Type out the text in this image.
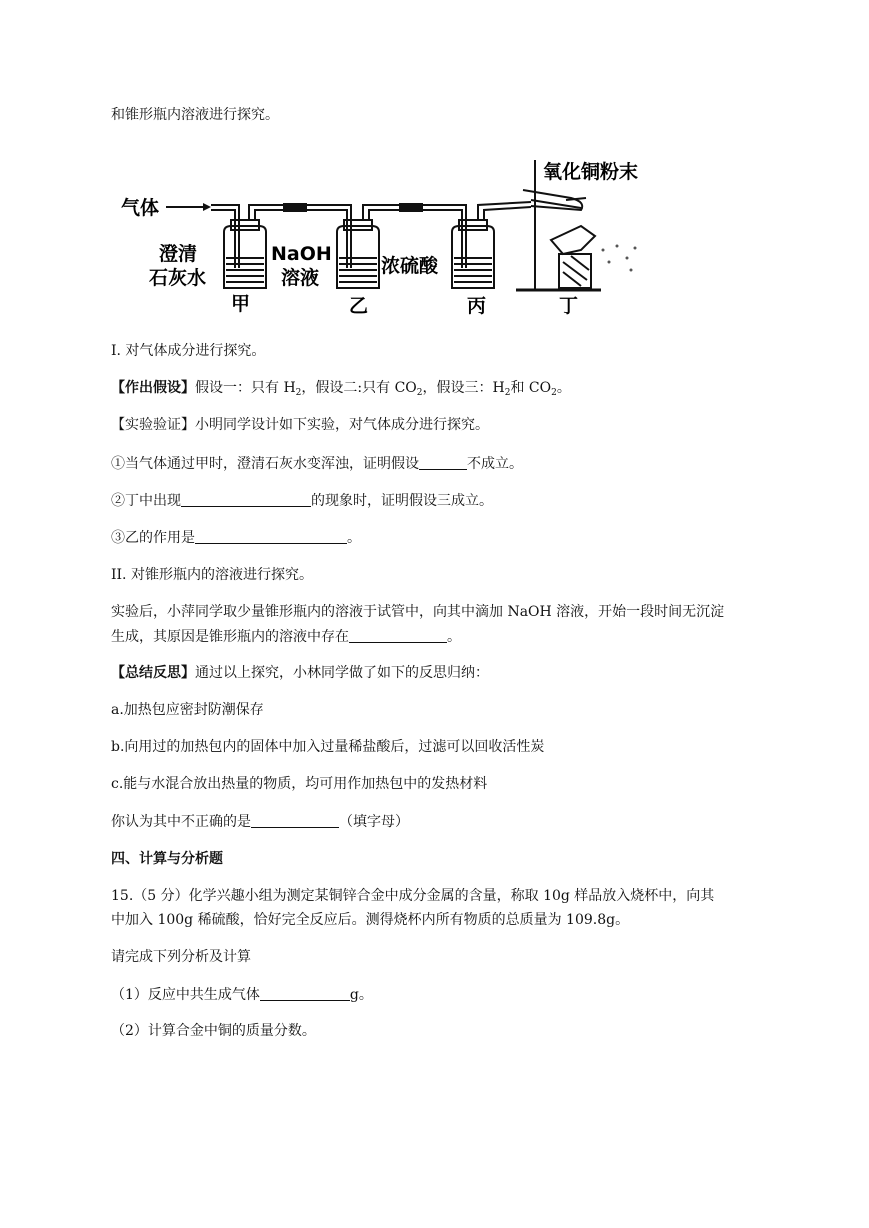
和锥形瓶内溶液进行探究。
气体
澄清
石灰水
甲
NaOH
溶液
乙
浓硫酸
丙
氧化铜粉末
丁
I. 对气体成分进行探究。
【作出假设】假设一：只有 $H_2$，假设二:只有 $CO_2$，假设三：$H_2$和 $CO_2$。
【实验验证】小明同学设计如下实验，对气体成分进行探究。
①当气体通过甲时，澄清石灰水变浑浊，证明假设	不成立。
②丁中出现	的现象时，证明假设三成立。
③乙的作用是	。
II. 对锥形瓶内的溶液进行探究。
实验后，小萍同学取少量锥形瓶内的溶液于试管中，向其中滴加 NaOH 溶液，开始一段时间无沉淀
生成，其原因是锥形瓶内的溶液中存在	。
【总结反思】通过以上探究，小林同学做了如下的反思归纳：
a.加热包应密封防潮保存
b.向用过的加热包内的固体中加入过量稀盐酸后，过滤可以回收活性炭
c.能与水混合放出热量的物质，均可用作加热包中的发热材料
你认为其中不正确的是	（填字母）
四、计算与分析题
15.（5 分）化学兴趣小组为测定某铜锌合金中成分金属的含量，称取 10g 样品放入烧杯中，向其
中加入 100g 稀硫酸，恰好完全反应后。测得烧杯内所有物质的总质量为 109.8g。
请完成下列分析及计算
（1）反应中共生成气体	g。
（2）计算合金中铜的质量分数。
